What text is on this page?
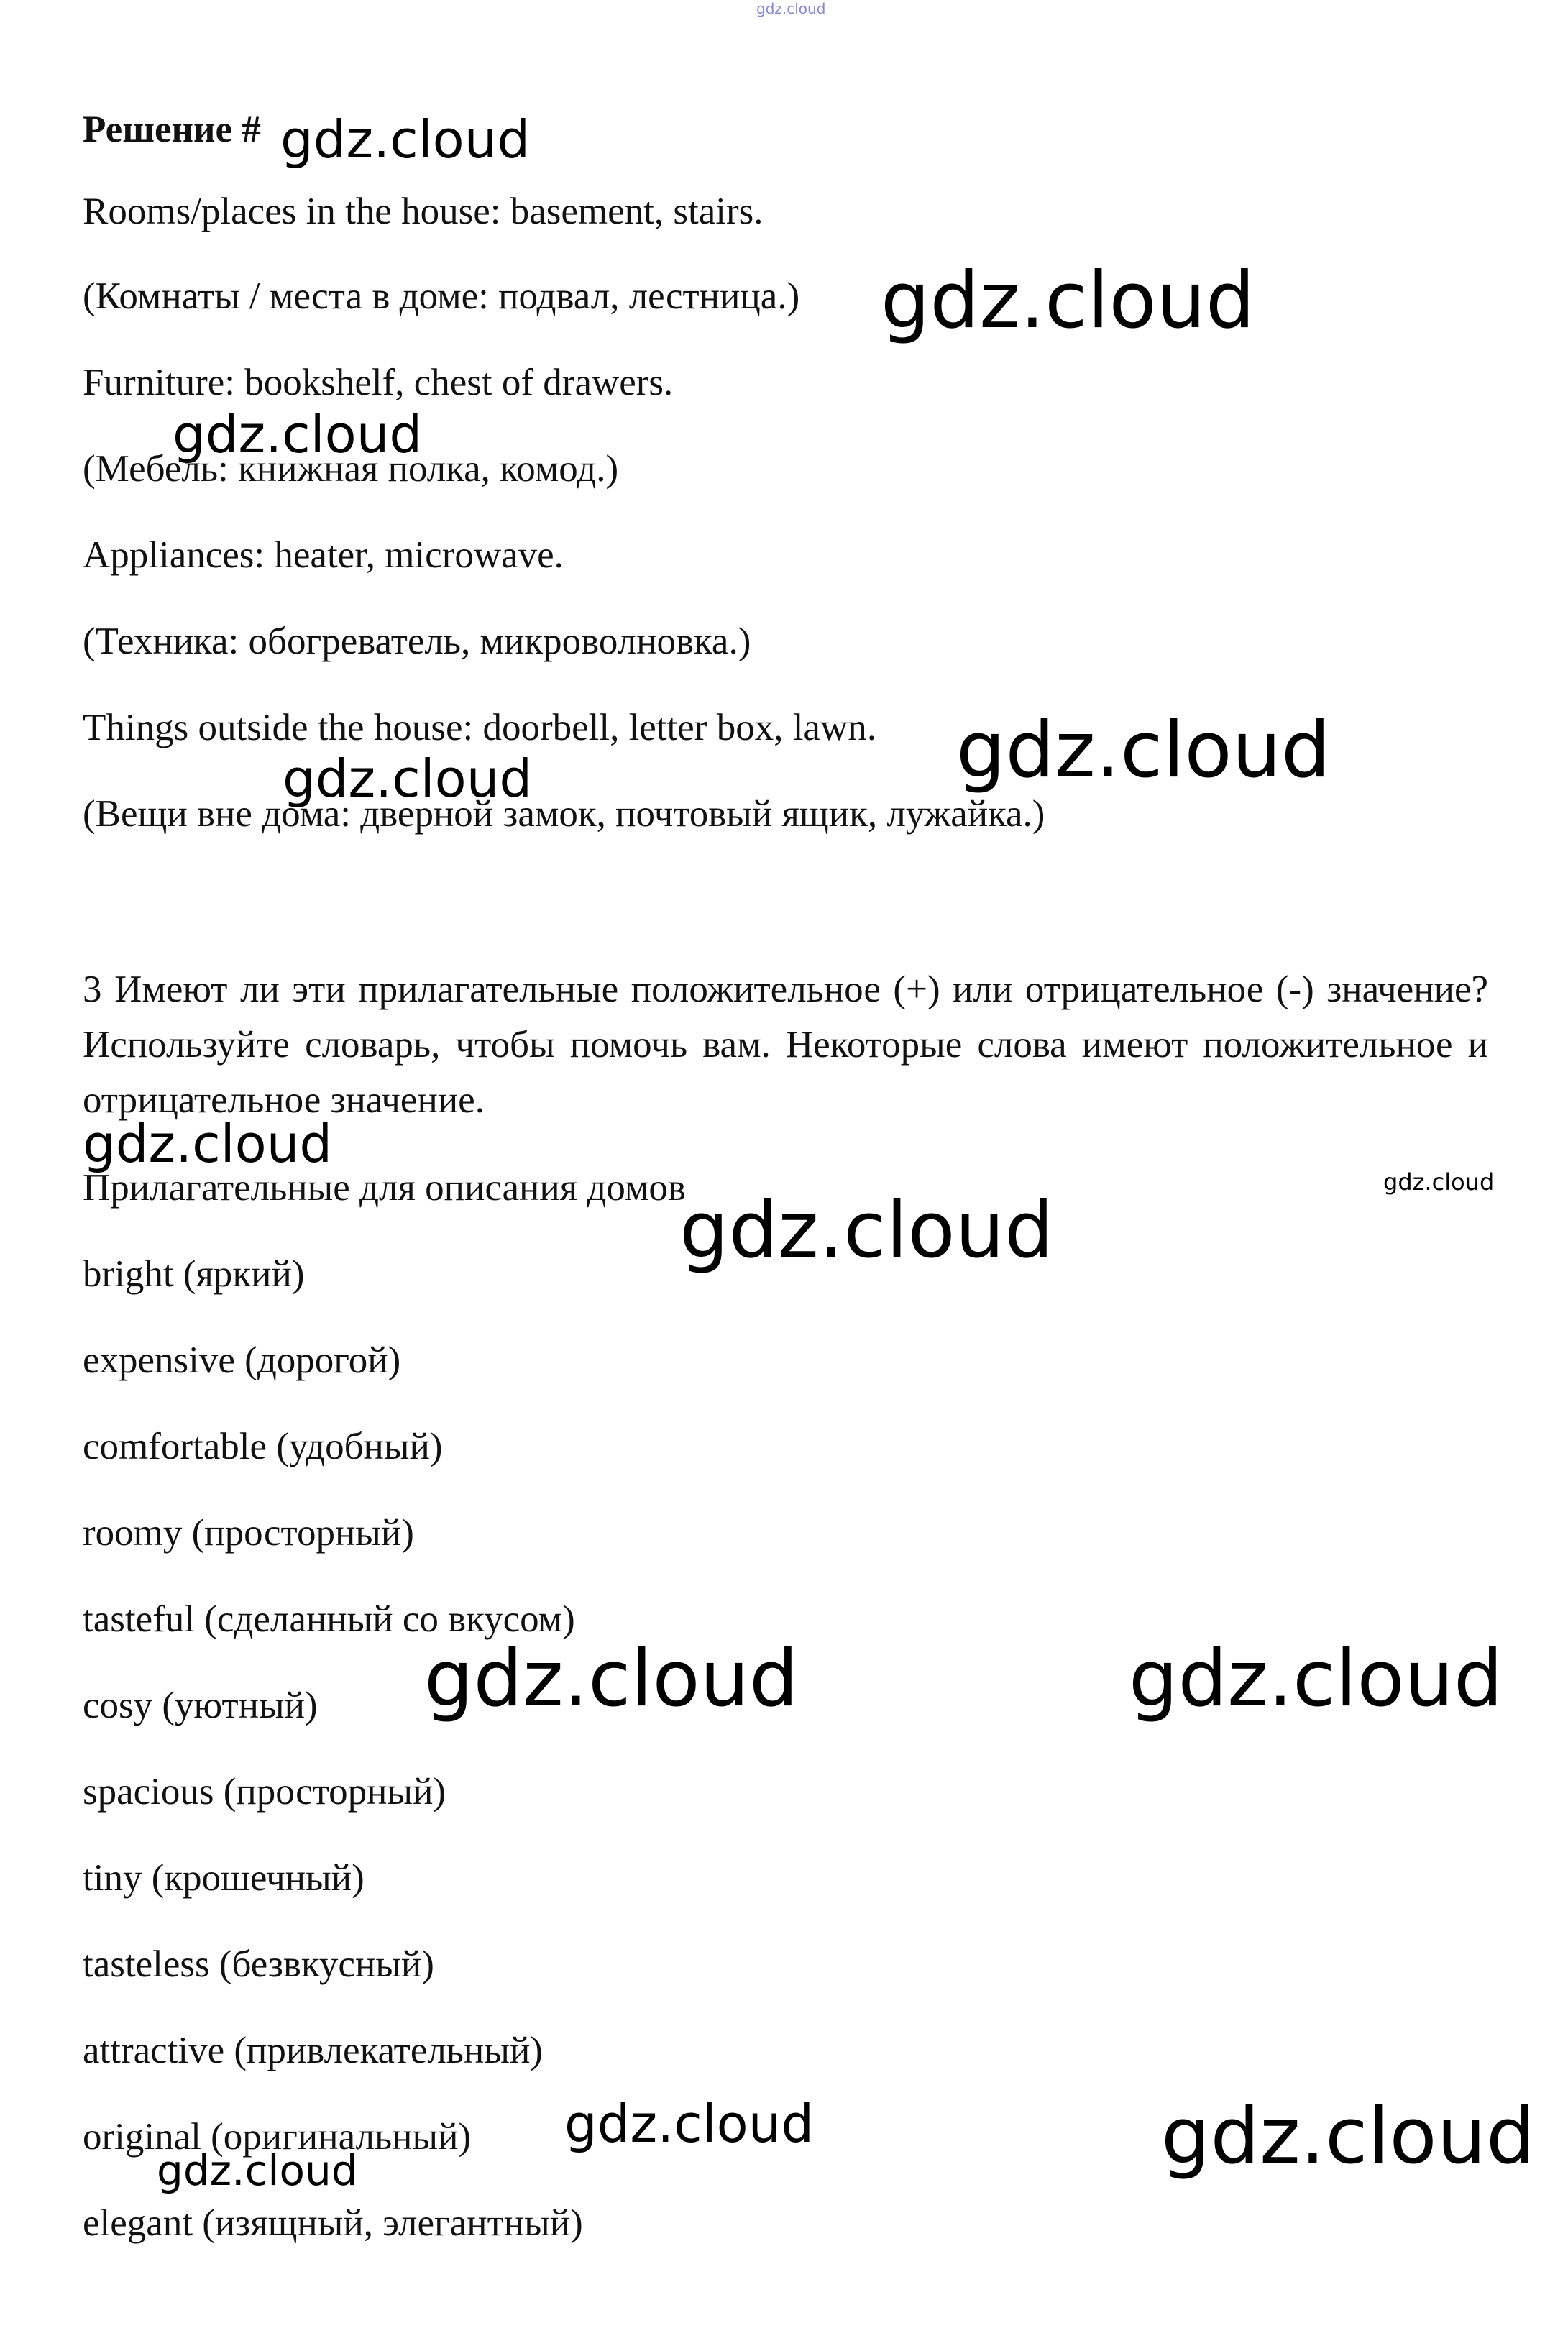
gdz.cloud
Решение #
Rooms/places in the house: basement, stairs.
(Комнаты / места в доме: подвал, лестница.)
Furniture: bookshelf, chest of drawers.
(Мебель: книжная полка, комод.)
Appliances: heater, microwave.
(Техника: обогреватель, микроволновка.)
Things outside the house: doorbell, letter box, lawn.
(Вещи вне дома: дверной замок, почтовый ящик, лужайка.)
3 Имеют ли эти прилагательные положительное (+) или отрицательное (-) значение? Используйте словарь, чтобы помочь вам. Некоторые слова имеют положительное и отрицательное значение.
Прилагательные для описания домов
bright (яркий)
expensive (дорогой)
comfortable (удобный)
roomy (просторный)
tasteful (сделанный со вкусом)
cosy (уютный)
spacious (просторный)
tiny (крошечный)
tasteless (безвкусный)
attractive (привлекательный)
original (оригинальный)
elegant (изящный, элегантный)
gdz.cloud
gdz.cloud
gdz.cloud
gdz.cloud
gdz.cloud
gdz.cloud
gdz.cloud
gdz.cloud
gdz.cloud	gdz.cloud
gdz.cloud	gdz.cloud
gdz.cloud
